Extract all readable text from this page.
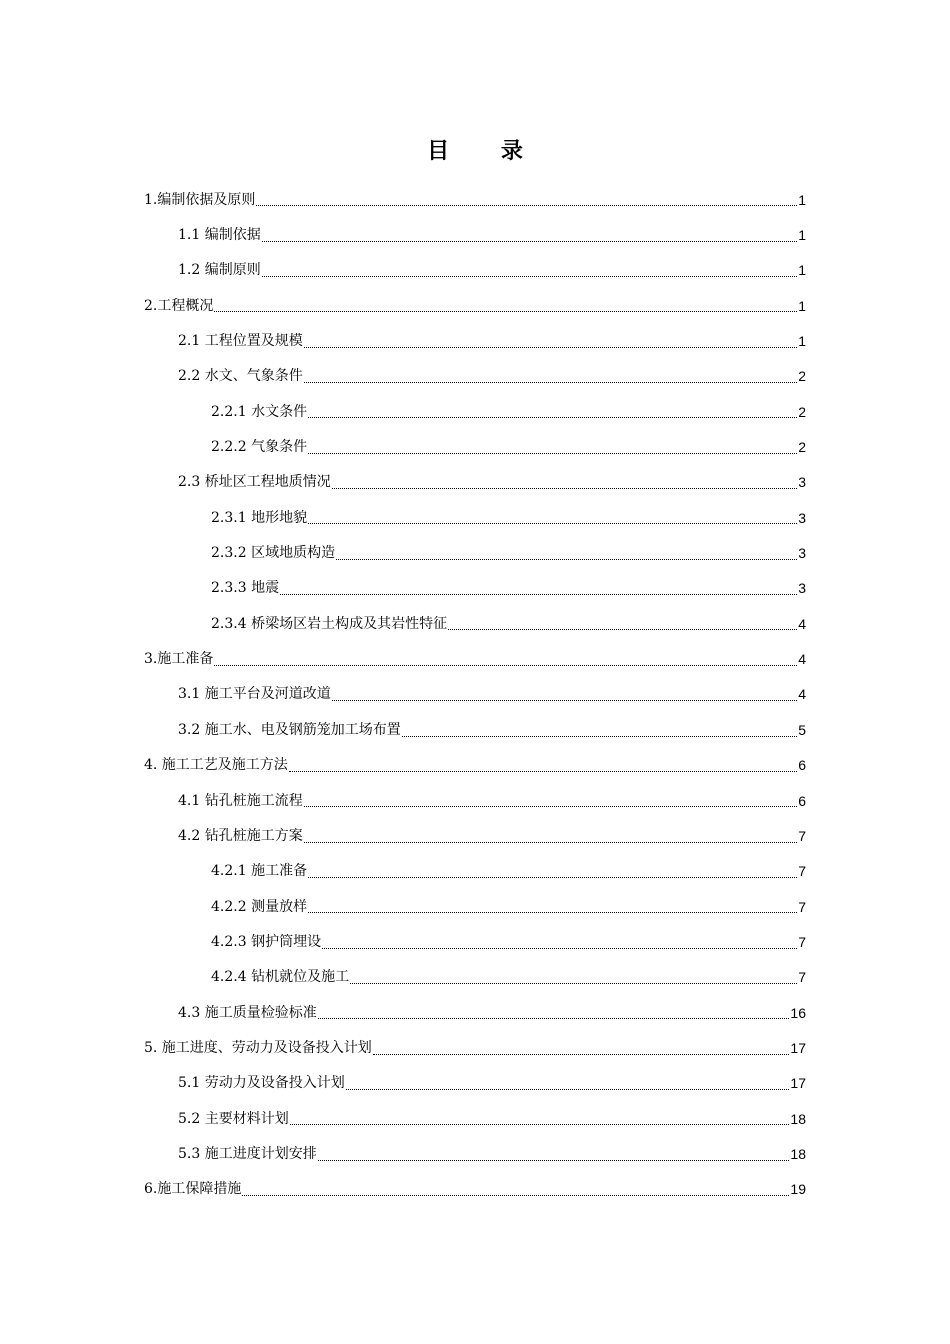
目 录
1.编制依据及原则	1
1.1 编制依据	1
1.2 编制原则	1
2.工程概况	1
2.1 工程位置及规模	1
2.2 水文、气象条件	2
2.2.1 水文条件	2
2.2.2 气象条件	2
2.3 桥址区工程地质情况	3
2.3.1 地形地貌	3
2.3.2 区域地质构造	3
2.3.3 地震	3
2.3.4 桥梁场区岩土构成及其岩性特征	4
3.施工准备	4
3.1 施工平台及河道改道	4
3.2 施工水、电及钢筋笼加工场布置	5
4. 施工工艺及施工方法	6
4.1 钻孔桩施工流程	6
4.2 钻孔桩施工方案	7
4.2.1 施工准备	7
4.2.2 测量放样	7
4.2.3 钢护筒埋设	7
4.2.4 钻机就位及施工	7
4.3 施工质量检验标准	16
5. 施工进度、劳动力及设备投入计划	17
5.1 劳动力及设备投入计划	17
5.2 主要材料计划	18
5.3 施工进度计划安排	18
6.施工保障措施	19
